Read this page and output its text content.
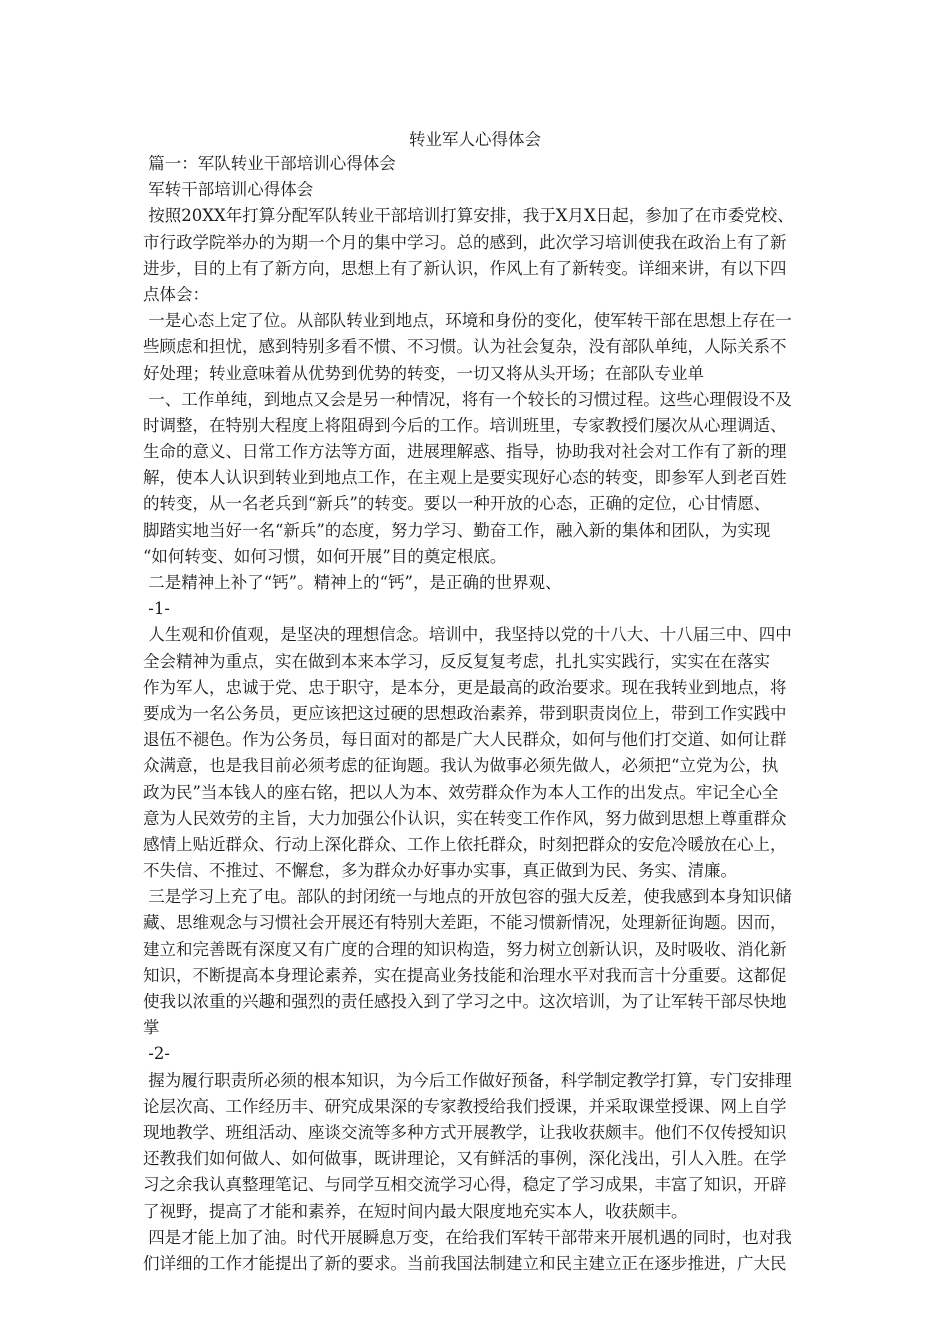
转业军人心得体会
篇一：军队转业干部培训心得体会
军转干部培训心得体会
按照20XX年打算分配军队转业干部培训打算安排，我于X月X日起，参加了在市委党校、
市行政学院举办的为期一个月的集中学习。总的感到，此次学习培训使我在政治上有了新
进步，目的上有了新方向，思想上有了新认识，作风上有了新转变。详细来讲，有以下四
点体会：
一是心态上定了位。从部队转业到地点，环境和身份的变化，使军转干部在思想上存在一
些顾虑和担忧，感到特别多看不惯、不习惯。认为社会复杂，没有部队单纯，人际关系不
好处理；转业意味着从优势到优势的转变，一切又将从头开场；在部队专业单
一、工作单纯，到地点又会是另一种情况，将有一个较长的习惯过程。这些心理假设不及
时调整，在特别大程度上将阻碍到今后的工作。培训班里，专家教授们屡次从心理调适、
生命的意义、日常工作方法等方面，进展理解惑、指导，协助我对社会对工作有了新的理
解，使本人认识到转业到地点工作，在主观上是要实现好心态的转变，即参军人到老百姓
的转变，从一名老兵到“新兵”的转变。要以一种开放的心态，正确的定位，心甘情愿、
脚踏实地当好一名“新兵”的态度，努力学习、勤奋工作，融入新的集体和团队，为实现
“如何转变、如何习惯，如何开展”目的奠定根底。
二是精神上补了“钙”。精神上的“钙”，是正确的世界观、
-1-
人生观和价值观，是坚决的理想信念。培训中，我坚持以党的十八大、十八届三中、四中
全会精神为重点，实在做到本来本学习，反反复复考虑，扎扎实实践行，实实在在落实
作为军人，忠诚于党、忠于职守，是本分，更是最高的政治要求。现在我转业到地点，将
要成为一名公务员，更应该把这过硬的思想政治素养，带到职责岗位上，带到工作实践中
退伍不褪色。作为公务员，每日面对的都是广大人民群众，如何与他们打交道、如何让群
众满意，也是我目前必须考虑的征询题。我认为做事必须先做人，必须把“立党为公，执
政为民”当本钱人的座右铭，把以人为本、效劳群众作为本人工作的出发点。牢记全心全
意为人民效劳的主旨，大力加强公仆认识，实在转变工作作风，努力做到思想上尊重群众
感情上贴近群众、行动上深化群众、工作上依托群众，时刻把群众的安危冷暖放在心上，
不失信、不推过、不懈怠，多为群众办好事办实事，真正做到为民、务实、清廉。
三是学习上充了电。部队的封闭统一与地点的开放包容的强大反差，使我感到本身知识储
藏、思维观念与习惯社会开展还有特别大差距，不能习惯新情况，处理新征询题。因而，
建立和完善既有深度又有广度的合理的知识构造，努力树立创新认识，及时吸收、消化新
知识，不断提高本身理论素养，实在提高业务技能和治理水平对我而言十分重要。这都促
使我以浓重的兴趣和强烈的责任感投入到了学习之中。这次培训，为了让军转干部尽快地
掌
-2-
握为履行职责所必须的根本知识，为今后工作做好预备，科学制定教学打算，专门安排理
论层次高、工作经历丰、研究成果深的专家教授给我们授课，并采取课堂授课、网上自学
现地教学、班组活动、座谈交流等多种方式开展教学，让我收获颇丰。他们不仅传授知识
还教我们如何做人、如何做事，既讲理论，又有鲜活的事例，深化浅出，引人入胜。在学
习之余我认真整理笔记、与同学互相交流学习心得，稳定了学习成果，丰富了知识，开辟
了视野，提高了才能和素养，在短时间内最大限度地充实本人，收获颇丰。
四是才能上加了油。时代开展瞬息万变，在给我们军转干部带来开展机遇的同时，也对我
们详细的工作才能提出了新的要求。当前我国法制建立和民主建立正在逐步推进，广大民
